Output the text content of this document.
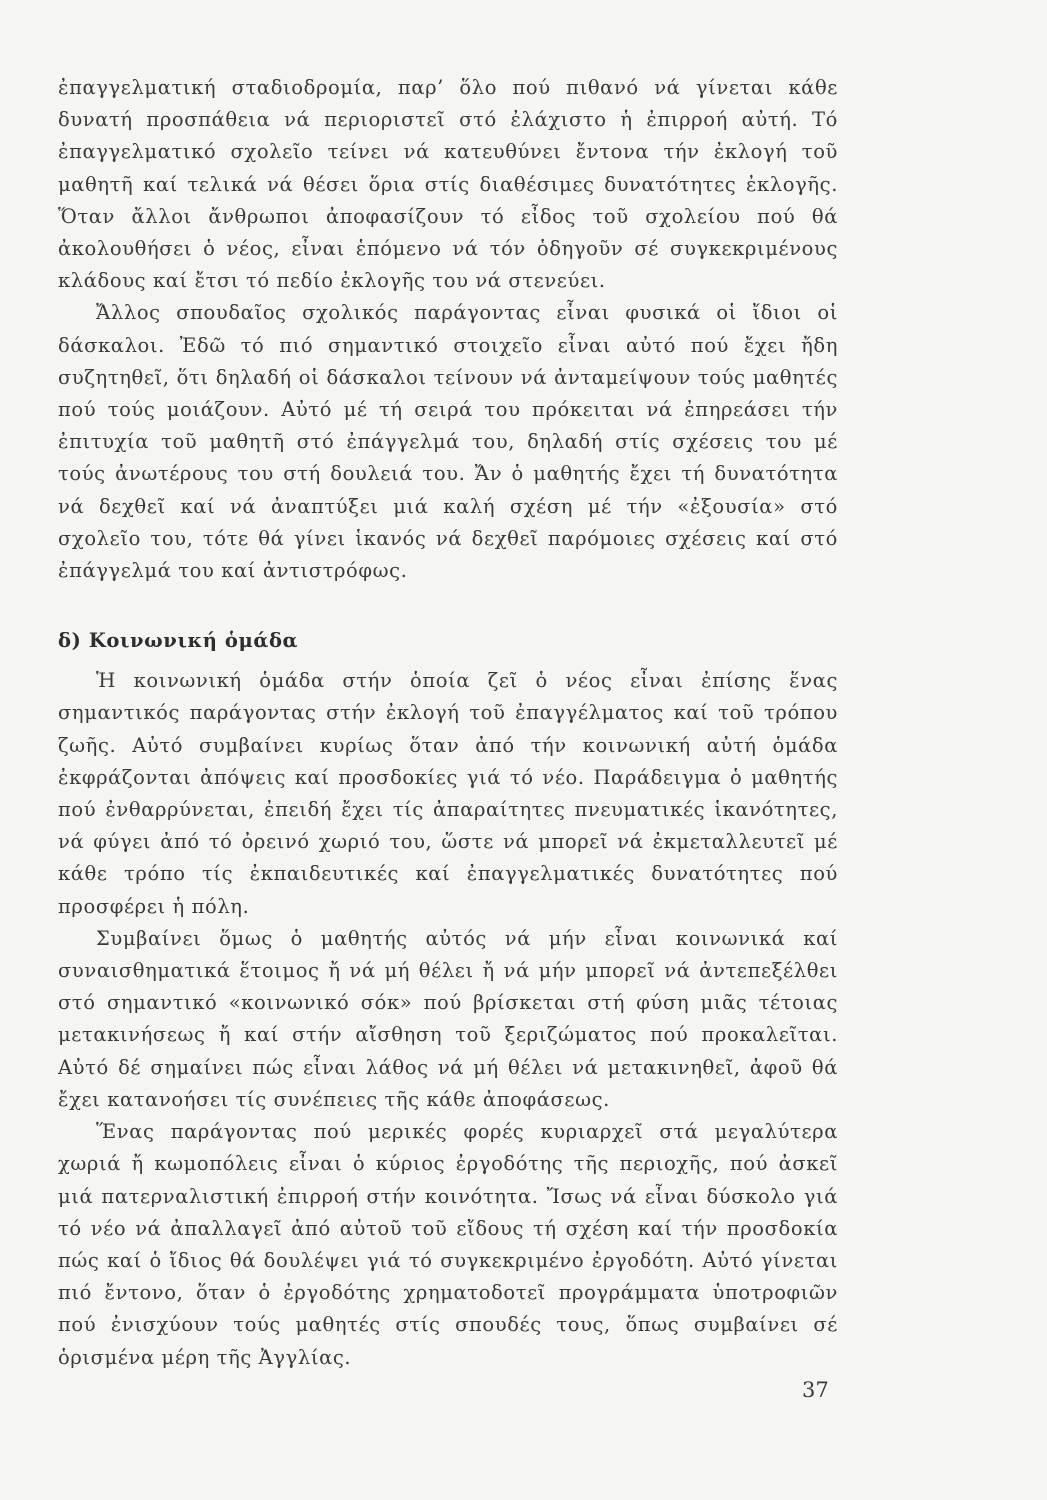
ἐπαγγελματική σταδιοδρομία, παρ’ ὅλο πού πιθανό νά γίνεται κάθε δυνατή προσπάθεια νά περιοριστεῖ στό ἐλάχιστο ἡ ἐπιρροή αὐτή. Τό ἐπαγγελματικό σχολεῖο τείνει νά κατευθύνει ἔντονα τήν ἐκλογή τοῦ μαθητῆ καί τελικά νά θέσει ὅρια στίς διαθέσιμες δυνατότητες ἐκλογῆς. Ὅταν ἄλλοι ἄνθρωποι ἀποφασίζουν τό εἶδος τοῦ σχολείου πού θά ἀκολουθήσει ὁ νέος, εἶναι ἑπόμενο νά τόν ὁδηγοῦν σέ συγκεκριμένους κλάδους καί ἔτσι τό πεδίο ἐκλογῆς του νά στενεύει.

Ἄλλος σπουδαῖος σχολικός παράγοντας εἶναι φυσικά οἱ ἴδιοι οἱ δάσκαλοι. Ἐδῶ τό πιό σημαντικό στοιχεῖο εἶναι αὐτό πού ἔχει ἤδη συζητηθεῖ, ὅτι δηλαδή οἱ δάσκαλοι τείνουν νά ἀνταμείψουν τούς μαθητές πού τούς μοιάζουν. Αὐτό μέ τή σειρά του πρόκειται νά ἐπηρεάσει τήν ἐπιτυχία τοῦ μαθητῆ στό ἐπάγγελμά του, δηλαδή στίς σχέσεις του μέ τούς ἀνωτέρους του στή δουλειά του. Ἄν ὁ μαθητής ἔχει τή δυνατότητα νά δεχθεῖ καί νά ἀναπτύξει μιά καλή σχέση μέ τήν «ἐξουσία» στό σχολεῖο του, τότε θά γίνει ἱκανός νά δεχθεῖ παρόμοιες σχέσεις καί στό ἐπάγγελμά του καί ἀντιστρόφως.

δ) Κοινωνική ὁμάδα

Ἡ κοινωνική ὁμάδα στήν ὁποία ζεῖ ὁ νέος εἶναι ἐπίσης ἕνας σημαντικός παράγοντας στήν ἐκλογή τοῦ ἐπαγγέλματος καί τοῦ τρόπου ζωῆς. Αὐτό συμβαίνει κυρίως ὅταν ἀπό τήν κοινωνική αὐτή ὁμάδα ἐκφράζονται ἀπόψεις καί προσδοκίες γιά τό νέο. Παράδειγμα ὁ μαθητής πού ἐνθαρρύνεται, ἐπειδή ἔχει τίς ἀπαραίτητες πνευματικές ἱκανότητες, νά φύγει ἀπό τό ὀρεινό χωριό του, ὥστε νά μπορεῖ νά ἐκμεταλλευτεῖ μέ κάθε τρόπο τίς ἐκπαιδευτικές καί ἐπαγγελματικές δυνατότητες πού προσφέρει ἡ πόλη.

Συμβαίνει ὅμως ὁ μαθητής αὐτός νά μήν εἶναι κοινωνικά καί συναισθηματικά ἕτοιμος ἤ νά μή θέλει ἤ νά μήν μπορεῖ νά ἀντεπεξέλθει στό σημαντικό «κοινωνικό σόκ» πού βρίσκεται στή φύση μιᾶς τέτοιας μετακινήσεως ἤ καί στήν αἴσθηση τοῦ ξεριζώματος πού προκαλεῖται. Αὐτό δέ σημαίνει πώς εἶναι λάθος νά μή θέλει νά μετακινηθεῖ, ἀφοῦ θά ἔχει κατανοήσει τίς συνέπειες τῆς κάθε ἀποφάσεως.

Ἕνας παράγοντας πού μερικές φορές κυριαρχεῖ στά μεγαλύτερα χωριά ἤ κωμοπόλεις εἶναι ὁ κύριος ἐργοδότης τῆς περιοχῆς, πού ἀσκεῖ μιά πατερναλιστική ἐπιρροή στήν κοινότητα. Ἴσως νά εἶναι δύσκολο γιά τό νέο νά ἀπαλλαγεῖ ἀπό αὐτοῦ τοῦ εἴδους τή σχέση καί τήν προσδοκία πώς καί ὁ ἴδιος θά δουλέψει γιά τό συγκεκριμένο ἐργοδότη. Αὐτό γίνεται πιό ἔντονο, ὅταν ὁ ἐργοδότης χρηματοδοτεῖ προγράμματα ὑποτροφιῶν πού ἐνισχύουν τούς μαθητές στίς σπουδές τους, ὅπως συμβαίνει σέ ὁρισμένα μέρη τῆς Ἀγγλίας.

37
